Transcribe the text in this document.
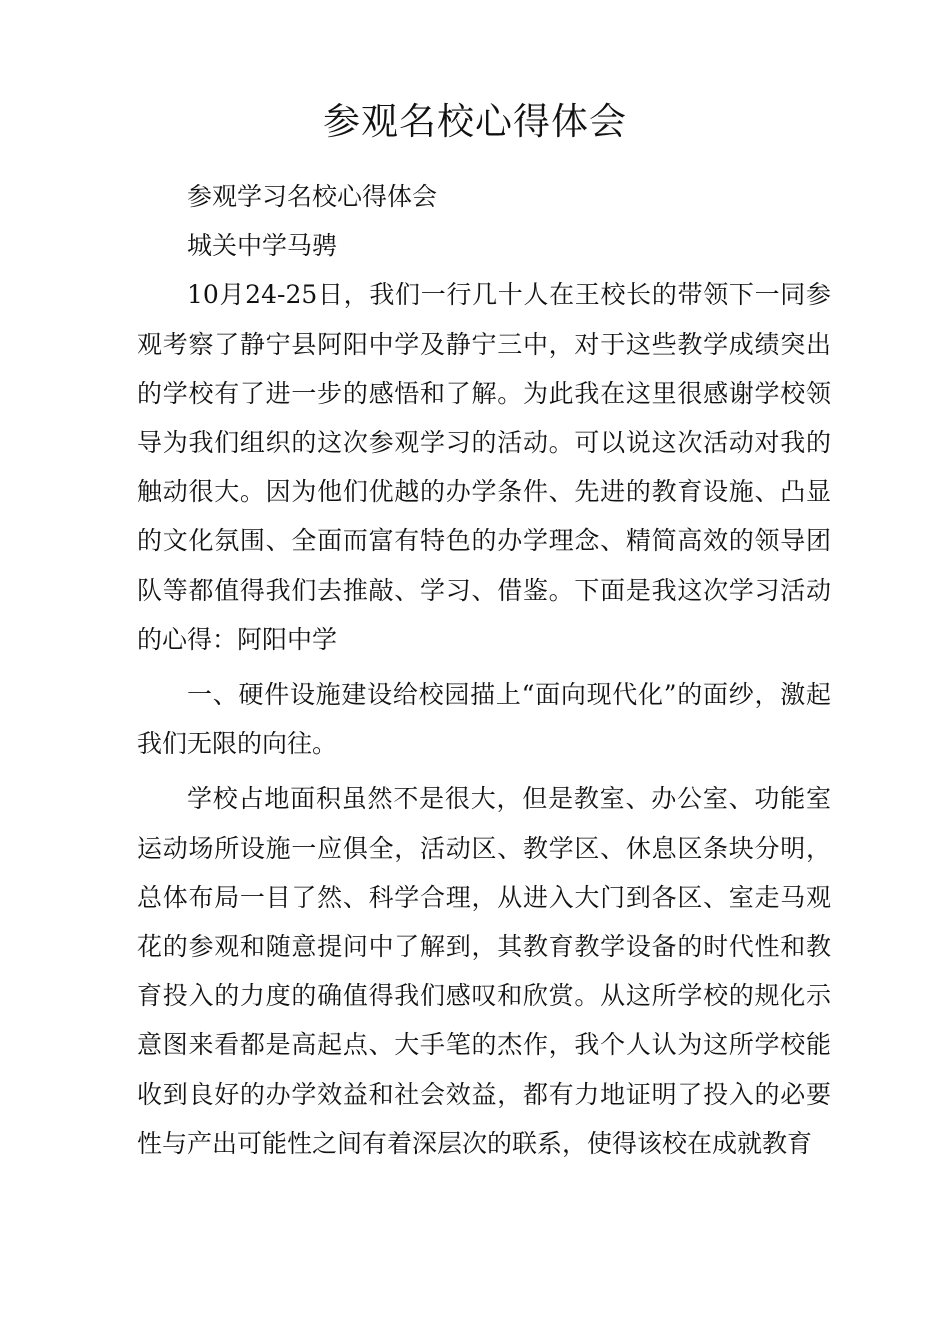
参观名校心得体会

参观学习名校心得体会

城关中学马骋

10月24-25日，我们一行几十人在王校长的带领下一同参观考察了静宁县阿阳中学及静宁三中，对于这些教学成绩突出的学校有了进一步的感悟和了解。为此我在这里很感谢学校领导为我们组织的这次参观学习的活动。可以说这次活动对我的触动很大。因为他们优越的办学条件、先进的教育设施、凸显的文化氛围、全面而富有特色的办学理念、精简高效的领导团队等都值得我们去推敲、学习、借鉴。下面是我这次学习活动的心得：阿阳中学

一、硬件设施建设给校园描上“面向现代化”的面纱，激起我们无限的向往。

学校占地面积虽然不是很大，但是教室、办公室、功能室运动场所设施一应俱全，活动区、教学区、休息区条块分明，总体布局一目了然、科学合理，从进入大门到各区、室走马观花的参观和随意提问中了解到，其教育教学设备的时代性和教育投入的力度的确值得我们感叹和欣赏。从这所学校的规化示意图来看都是高起点、大手笔的杰作，我个人认为这所学校能收到良好的办学效益和社会效益，都有力地证明了投入的必要性与产出可能性之间有着深层次的联系，使得该校在成就教育
